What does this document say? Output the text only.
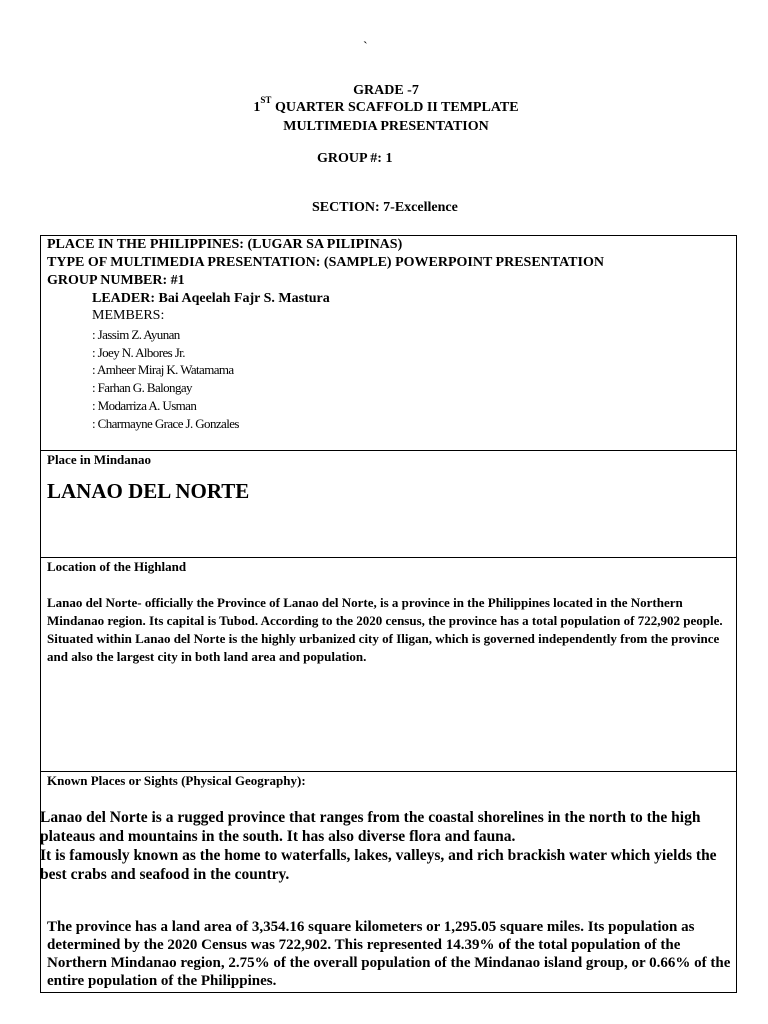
`
GRADE -7
1ST QUARTER SCAFFOLD II TEMPLATE
MULTIMEDIA PRESENTATION
GROUP #: 1
SECTION: 7-Excellence
PLACE IN THE PHILIPPINES: (LUGAR SA PILIPINAS)
TYPE OF MULTIMEDIA PRESENTATION: (SAMPLE) POWERPOINT PRESENTATION
GROUP NUMBER: #1
LEADER: Bai Aqeelah Fajr S. Mastura
MEMBERS:
: Jassim Z. Ayunan
: Joey N. Albores Jr.
: Amheer Miraj K. Watamama
: Farhan G. Balongay
: Modarriza A. Usman
: Charmayne Grace J. Gonzales
Place in Mindanao
LANAO DEL NORTE
Location of the Highland
Lanao del Norte- officially the Province of Lanao del Norte, is a province in the Philippines located in the Northern Mindanao region. Its capital is Tubod. According to the 2020 census, the province has a total population of 722,902 people. Situated within Lanao del Norte is the highly urbanized city of Iligan, which is governed independently from the province and also the largest city in both land area and population.
Known Places or Sights (Physical Geography):
Lanao del Norte is a rugged province that ranges from the coastal shorelines in the north to the high plateaus and mountains in the south. It has also diverse flora and fauna.
It is famously known as the home to waterfalls, lakes, valleys, and rich brackish water which yields the best crabs and seafood in the country.
The province has a land area of 3,354.16 square kilometers or 1,295.05 square miles. Its population as determined by the 2020 Census was 722,902. This represented 14.39% of the total population of the Northern Mindanao region, 2.75% of the overall population of the Mindanao island group, or 0.66% of the entire population of the Philippines.
